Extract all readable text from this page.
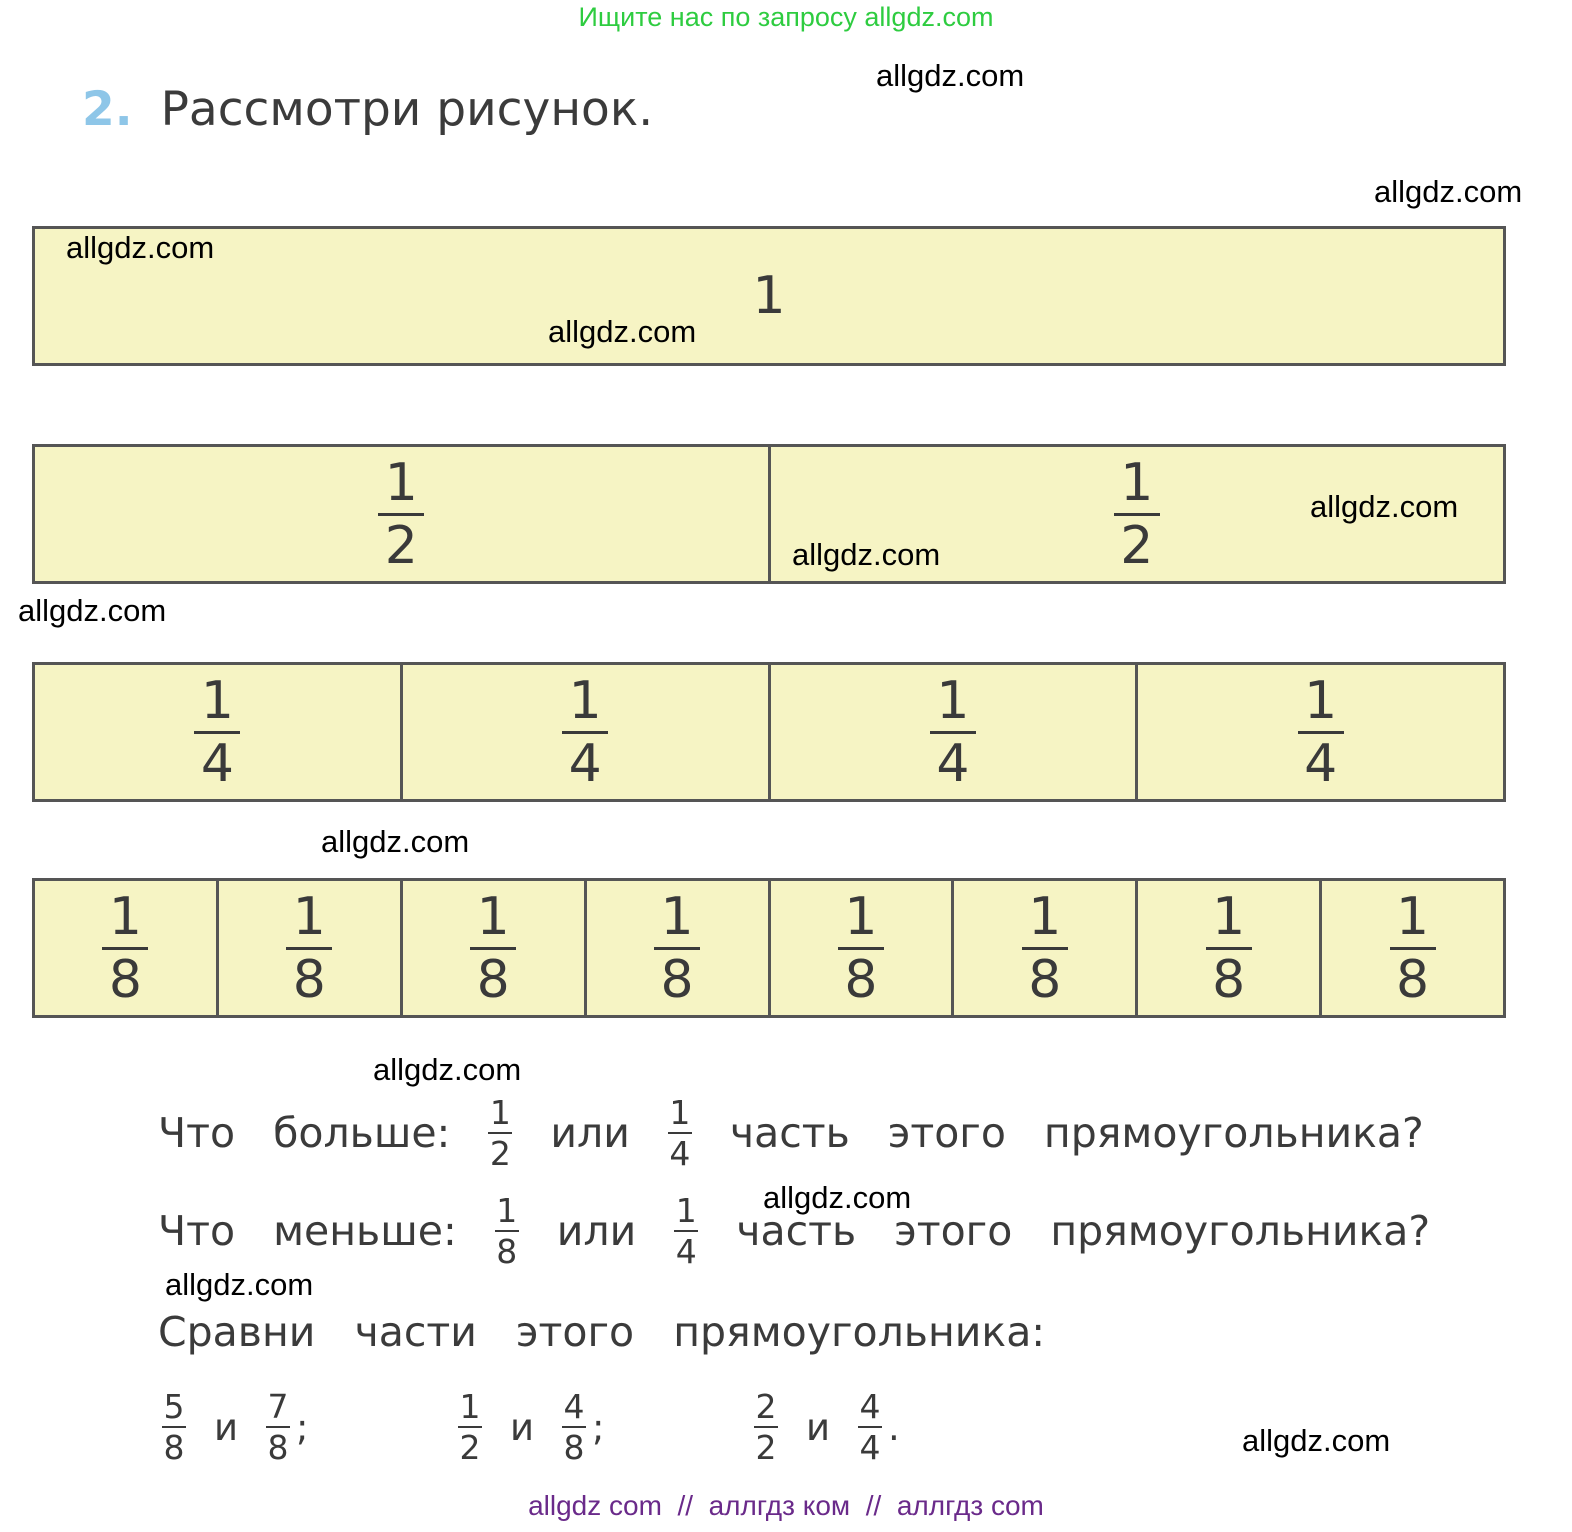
Ищите нас по запросу allgdz.com
2. Рассмотри рисунок.
1
$\frac{1}{2}$	$\frac{1}{2}$
$\frac{1}{4}$	$\frac{1}{4}$	$\frac{1}{4}$	$\frac{1}{4}$
$\frac{1}{8}$	$\frac{1}{8}$	$\frac{1}{8}$	$\frac{1}{8}$	$\frac{1}{8}$	$\frac{1}{8}$	$\frac{1}{8}$	$\frac{1}{8}$
Что больше: $\frac{1}{2}$ или $\frac{1}{4}$ часть этого прямоугольника?
Что меньше: $\frac{1}{8}$ или $\frac{1}{4}$ часть этого прямоугольника?
Сравни   части   этого   прямоугольника:
$\frac{5}{8}$ и $\frac{7}{8}$ ;	$\frac{1}{2}$ и $\frac{4}{8}$ ;	$\frac{2}{2}$ и $\frac{4}{4}$ .
allgdz.com
allgdz.com
allgdz.com
allgdz.com
allgdz.com
allgdz.com
allgdz.com
allgdz.com
allgdz.com
allgdz.com
allgdz.com
allgdz.com
allgdz com  //  аллгдз ком  //  аллгдз com
